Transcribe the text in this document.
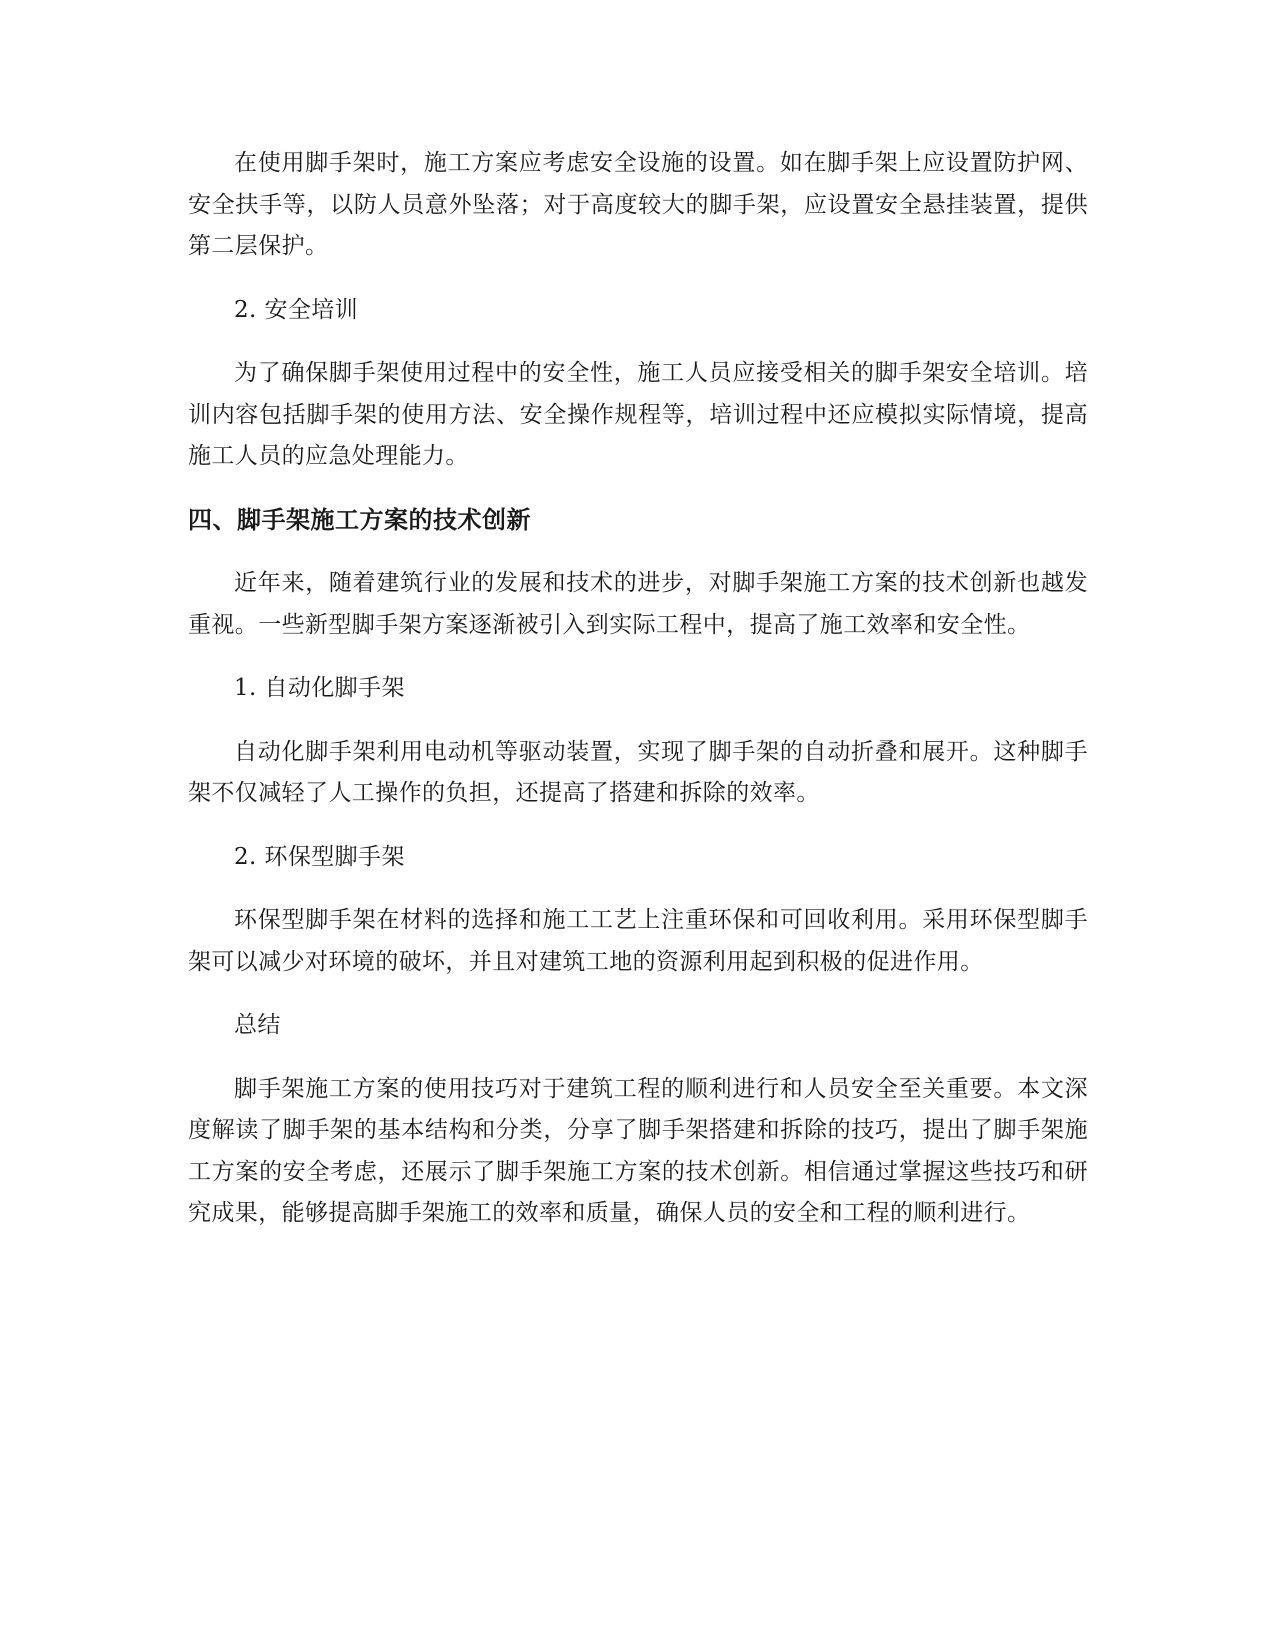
在使用脚手架时，施工方案应考虑安全设施的设置。如在脚手架上应设置防护网、安全扶手等，以防人员意外坠落；对于高度较大的脚手架，应设置安全悬挂装置，提供第二层保护。

2. 安全培训

为了确保脚手架使用过程中的安全性，施工人员应接受相关的脚手架安全培训。培训内容包括脚手架的使用方法、安全操作规程等，培训过程中还应模拟实际情境，提高施工人员的应急处理能力。

四、脚手架施工方案的技术创新

近年来，随着建筑行业的发展和技术的进步，对脚手架施工方案的技术创新也越发重视。一些新型脚手架方案逐渐被引入到实际工程中，提高了施工效率和安全性。

1. 自动化脚手架

自动化脚手架利用电动机等驱动装置，实现了脚手架的自动折叠和展开。这种脚手架不仅减轻了人工操作的负担，还提高了搭建和拆除的效率。

2. 环保型脚手架

环保型脚手架在材料的选择和施工工艺上注重环保和可回收利用。采用环保型脚手架可以减少对环境的破坏，并且对建筑工地的资源利用起到积极的促进作用。

总结

脚手架施工方案的使用技巧对于建筑工程的顺利进行和人员安全至关重要。本文深度解读了脚手架的基本结构和分类，分享了脚手架搭建和拆除的技巧，提出了脚手架施工方案的安全考虑，还展示了脚手架施工方案的技术创新。相信通过掌握这些技巧和研究成果，能够提高脚手架施工的效率和质量，确保人员的安全和工程的顺利进行。
